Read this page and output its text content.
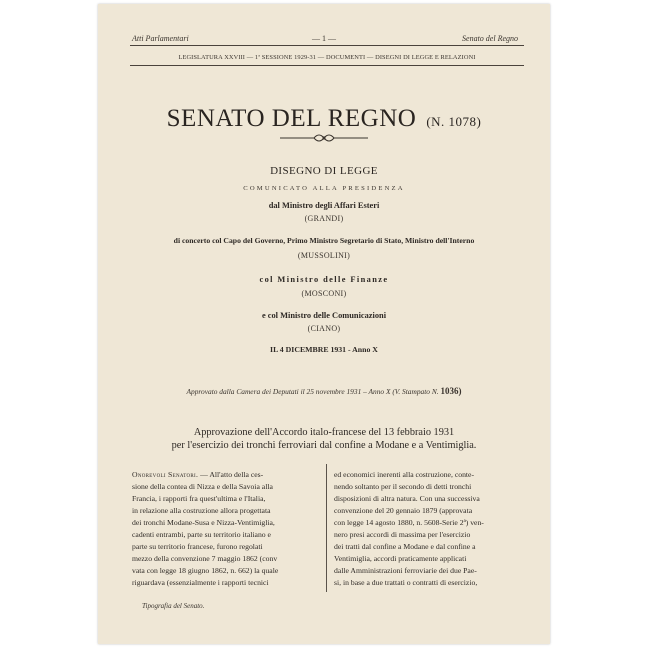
Atti Parlamentari	— 1 —	Senato del Regno
LEGISLATURA XXVIII — 1ª SESSIONE 1929-31 — DOCUMENTI — DISEGNI DI LEGGE E RELAZIONI
SENATO DEL REGNO (N. 1078)
DISEGNO DI LEGGE
COMUNICATO ALLA PRESIDENZA
dal Ministro degli Affari Esteri
(GRANDI)
di concerto col Capo del Governo, Primo Ministro Segretario di Stato, Ministro dell'Interno
(MUSSOLINI)
col Ministro delle Finanze
(MOSCONI)
e col Ministro delle Comunicazioni
(CIANO)
IL 4 DICEMBRE 1931 - Anno X
Approvato dalla Camera dei Deputati il 25 novembre 1931 – Anno X (V. Stampato N. 1036)
Approvazione dell'Accordo italo-francese del 13 febbraio 1931
per l'esercizio dei tronchi ferroviari dal confine a Modane e a Ventimiglia.
Onorevoli Senatori. — All'atto della ces-
sione della contea di Nizza e della Savoia alla
Francia, i rapporti fra quest'ultima e l'Italia,
in relazione alla costruzione allora progettata
dei tronchi Modane-Susa e Nizza-Ventimiglia,
cadenti entrambi, parte su territorio italiano e
parte su territorio francese, furono regolati
mezzo della convenzione 7 maggio 1862 (conv
vata con legge 18 giugno 1862, n. 662) la quale
riguardava (essenzialmente i rapporti tecnici
ed economici inerenti alla costruzione, conte-
nendo soltanto per il secondo di detti tronchi
disposizioni di altra natura. Con una successiva
convenzione del 20 gennaio 1879 (approvata
con legge 14 agosto 1880, n. 5608-Serie 2ª) ven-
nero presi accordi di massima per l'esercizio
dei tratti dal confine a Modane e dal confine a
Ventimiglia, accordi praticamente applicati
dalle Amministrazioni ferroviarie dei due Pae-
si, in base a due trattati o contratti di esercizio,
Tipografia del Senato.
